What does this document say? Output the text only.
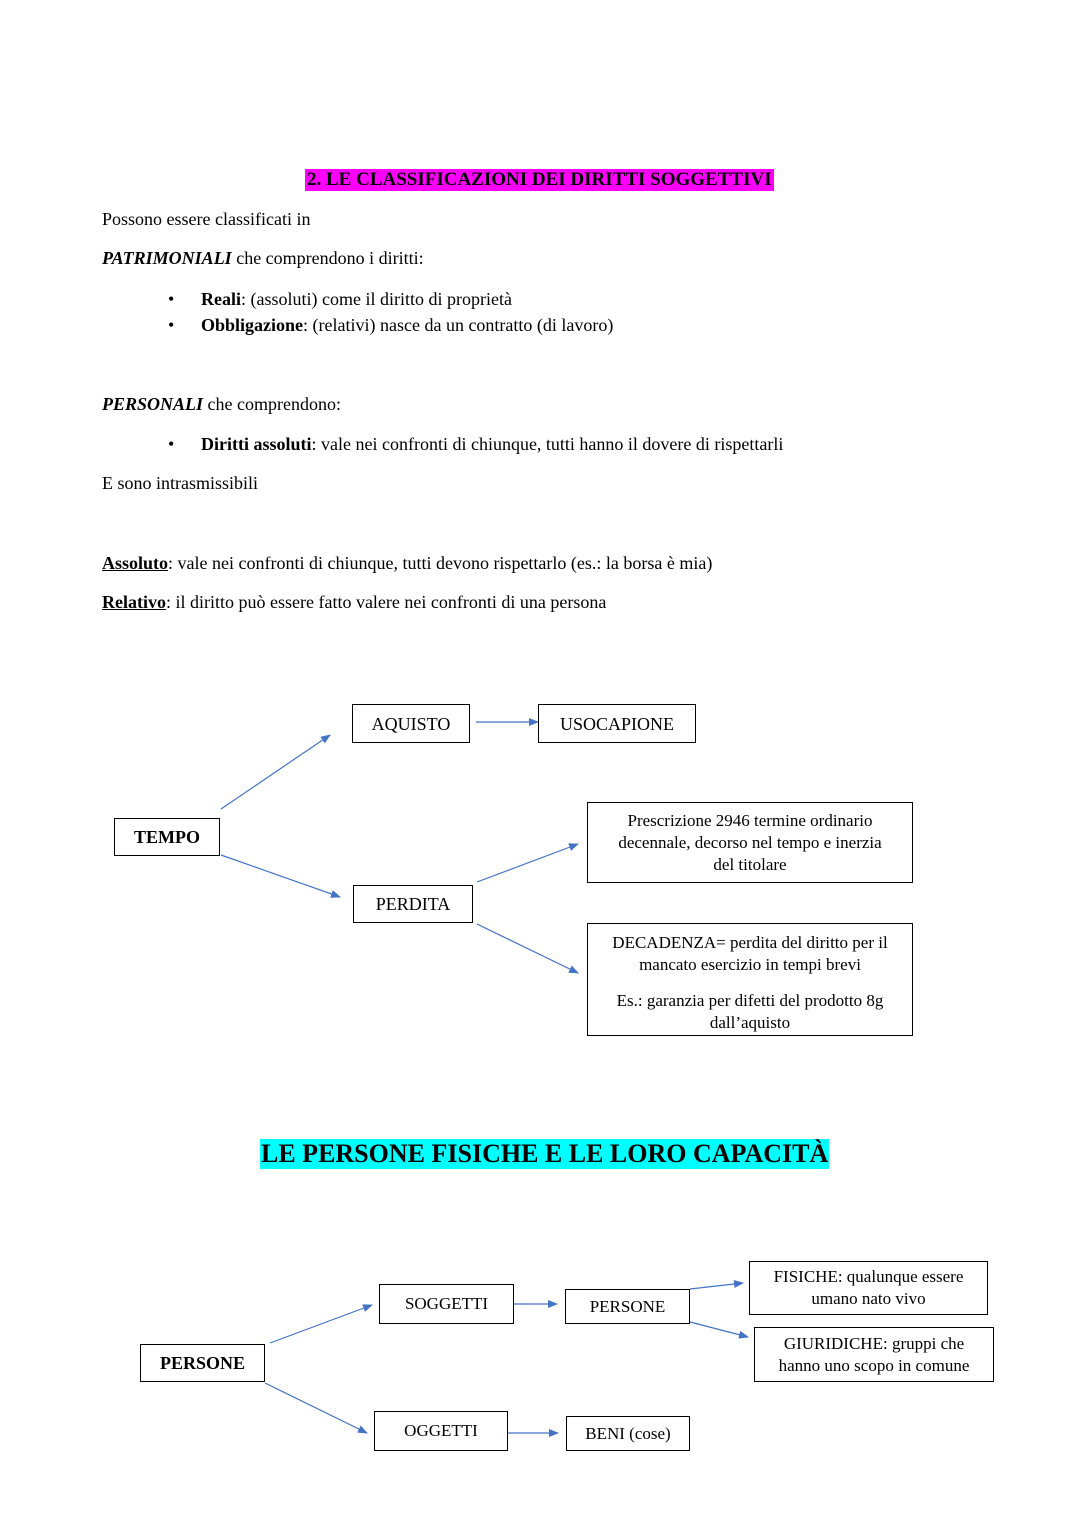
2. LE CLASSIFICAZIONI DEI DIRITTI SOGGETTIVI
Possono essere classificati in
PATRIMONIALI che comprendono i diritti:
• Reali: (assoluti) come il diritto di proprietà
• Obbligazione: (relativi) nasce da un contratto (di lavoro)
PERSONALI che comprendono:
• Diritti assoluti: vale nei confronti di chiunque, tutti hanno il dovere di rispettarli
E sono intrasmissibili
Assoluto: vale nei confronti di chiunque, tutti devono rispettarlo (es.: la borsa è mia)
Relativo: il diritto può essere fatto valere nei confronti di una persona
AQUISTO	USOCAPIONE
TEMPO
PERDITA
Prescrizione 2946 termine ordinario
decennale, decorso nel tempo e inerzia
del titolare
DECADENZA= perdita del diritto per il
mancato esercizio in tempi brevi
Es.: garanzia per difetti del prodotto 8g
dall’aquisto
LE PERSONE FISICHE E LE LORO CAPACITÀ
PERSONE
SOGGETTI	PERSONE
FISICHE: qualunque essere
umano nato vivo
GIURIDICHE: gruppi che
hanno uno scopo in comune
OGGETTI	BENI (cose)
